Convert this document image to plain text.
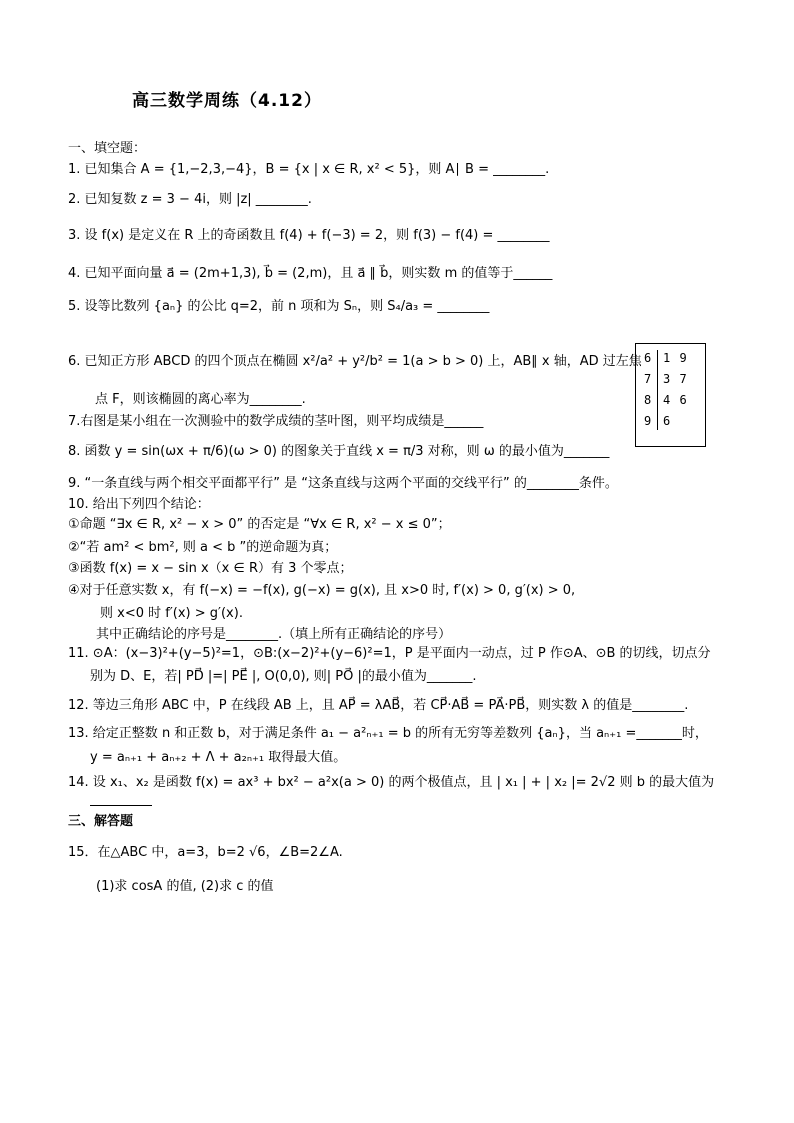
高三数学周练（4.12）
一、填空题：
1. 已知集合 A = {1,−2,3,−4}，B = {x | x ∈ R, x² < 5}，则 A∣ B = ________.
2. 已知复数 z = 3 − 4i，则 |z| ________.
3. 设 f(x) 是定义在 R 上的奇函数且 f(4) + f(−3) = 2，则 f(3) − f(4) = ________
4. 已知平面向量 a⃗ = (2m+1,3), b⃗ = (2,m)，且 a⃗ ∥ b⃗，则实数 m 的值等于______
5. 设等比数列 {aₙ} 的公比 q=2，前 n 项和为 Sₙ，则 S₄/a₃ = ________
6. 已知正方形 ABCD 的四个顶点在椭圆 x²/a² + y²/b² = 1(a > b > 0) 上，AB∥ x 轴，AD 过左焦
点 F，则该椭圆的离心率为________.
6 1 9
7 3 7
8 4 6
9 6
7.右图是某小组在一次测验中的数学成绩的茎叶图，则平均成绩是______
8. 函数 y = sin(ωx + π/6)(ω > 0) 的图象关于直线 x = π/3 对称，则 ω 的最小值为_______
9. “一条直线与两个相交平面都平行” 是 “这条直线与这两个平面的交线平行” 的________条件。
10. 给出下列四个结论：
①命题 “∃x ∈ R, x² − x > 0” 的否定是 “∀x ∈ R, x² − x ≤ 0”；
②“若 am² < bm², 则 a < b ”的逆命题为真；
③函数 f(x) = x − sin x（x ∈ R）有 3 个零点；
④对于任意实数 x，有 f(−x) = −f(x), g(−x) = g(x), 且 x>0 时, f′(x) > 0, g′(x) > 0,
则 x<0 时 f′(x) > g′(x).
其中正确结论的序号是________.（填上所有正确结论的序号）
11. ⊙A：(x−3)²+(y−5)²=1，⊙B:(x−2)²+(y−6)²=1，P 是平面内一动点，过 P 作⊙A、⊙B 的切线，切点分
别为 D、E，若| PD⃗ |=| PE⃗ |, O(0,0), 则| PO⃗ |的最小值为_______.
12. 等边三角形 ABC 中，P 在线段 AB 上，且 AP⃗ = λAB⃗，若 CP⃗·AB⃗ = PA⃗·PB⃗，则实数 λ 的值是________.
13. 给定正整数 n 和正数 b，对于满足条件 a₁ − a²ₙ₊₁ = b 的所有无穷等差数列 {aₙ}，当 aₙ₊₁ =_______时，
y = aₙ₊₁ + aₙ₊₂ + Λ + a₂ₙ₊₁ 取得最大值。
14. 设 x₁、x₂ 是函数 f(x) = ax³ + bx² − a²x(a > 0) 的两个极值点，且 | x₁ | + | x₂ |= 2√2 则 b 的最大值为
三、解答题
15．在△ABC 中，a=3，b=2 √6，∠B=2∠A.
(1)求 cosA 的值, (2)求 c 的值
